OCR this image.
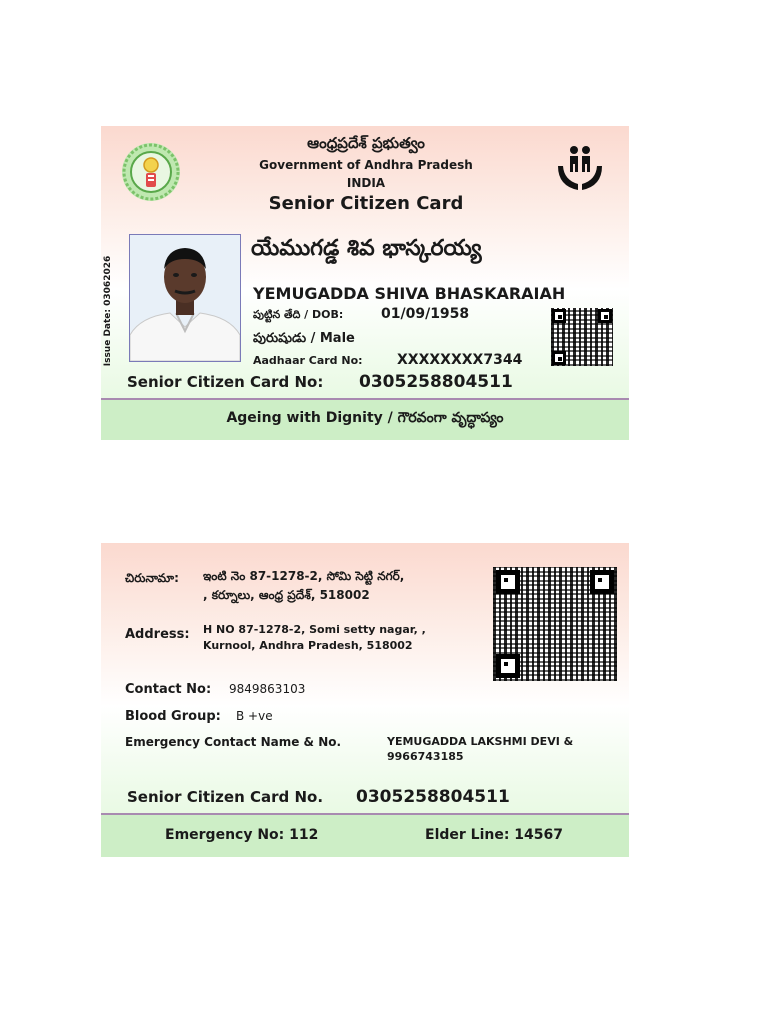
ఆంధ్రప్రదేశ్ ప్రభుత్వం
Government of Andhra Pradesh
INDIA
Senior Citizen Card
Issue Date: 03062026
యేముగడ్డ శివ భాస్కరయ్య
YEMUGADDA SHIVA BHASKARAIAH
పుట్టిన తేది / DOB:	01/09/1958
పురుషుడు / Male
Aadhaar Card No: XXXXXXXX7344
Senior Citizen Card No: 0305258804511
Ageing with Dignity / గౌరవంగా వృద్ధాప్యం
చిరునామా: ఇంటి నెం 87-1278-2, సోమి సెట్టి నగర్,
, కర్నూలు, ఆంధ్ర ప్రదేశ్, 518002
Address: H NO 87-1278-2, Somi setty nagar, ,
Kurnool, Andhra Pradesh, 518002
Contact No: 9849863103
Blood Group: B +ve
Emergency Contact Name & No.	YEMUGADDA LAKSHMI DEVI &
9966743185
Senior Citizen Card No. 0305258804511
Emergency No: 112	Elder Line: 14567
